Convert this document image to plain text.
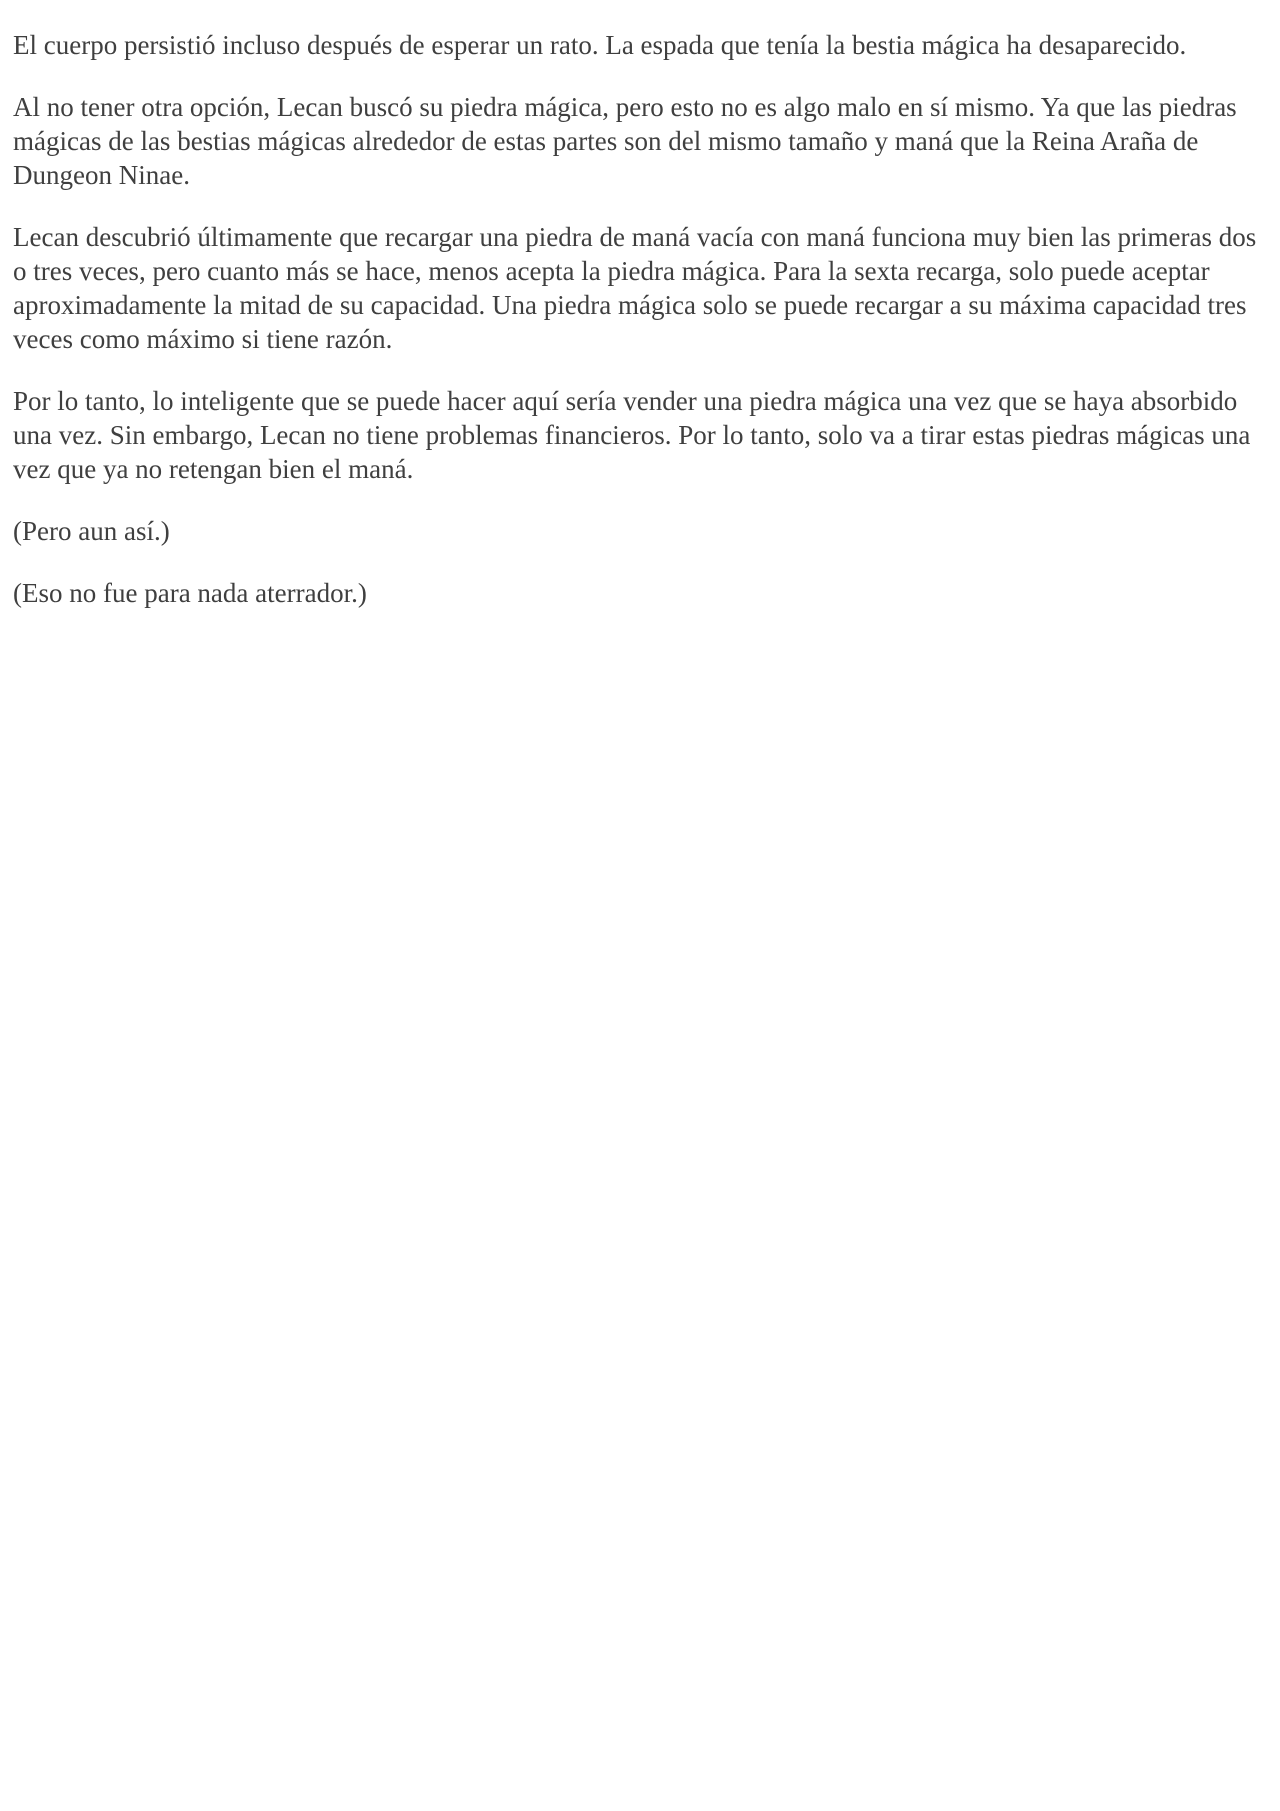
El cuerpo persistió incluso después de esperar un rato. La espada que tenía la bestia mágica ha desaparecido.

Al no tener otra opción, Lecan buscó su piedra mágica, pero esto no es algo malo en sí mismo. Ya que las piedras mágicas de las bestias mágicas alrededor de estas partes son del mismo tamaño y maná que la Reina Araña de Dungeon Ninae.

Lecan descubrió últimamente que recargar una piedra de maná vacía con maná funciona muy bien las primeras dos o tres veces, pero cuanto más se hace, menos acepta la piedra mágica. Para la sexta recarga, solo puede aceptar aproximadamente la mitad de su capacidad. Una piedra mágica solo se puede recargar a su máxima capacidad tres veces como máximo si tiene razón.

Por lo tanto, lo inteligente que se puede hacer aquí sería vender una piedra mágica una vez que se haya absorbido una vez. Sin embargo, Lecan no tiene problemas financieros. Por lo tanto, solo va a tirar estas piedras mágicas una vez que ya no retengan bien el maná.

(Pero aun así.)

(Eso no fue para nada aterrador.)
